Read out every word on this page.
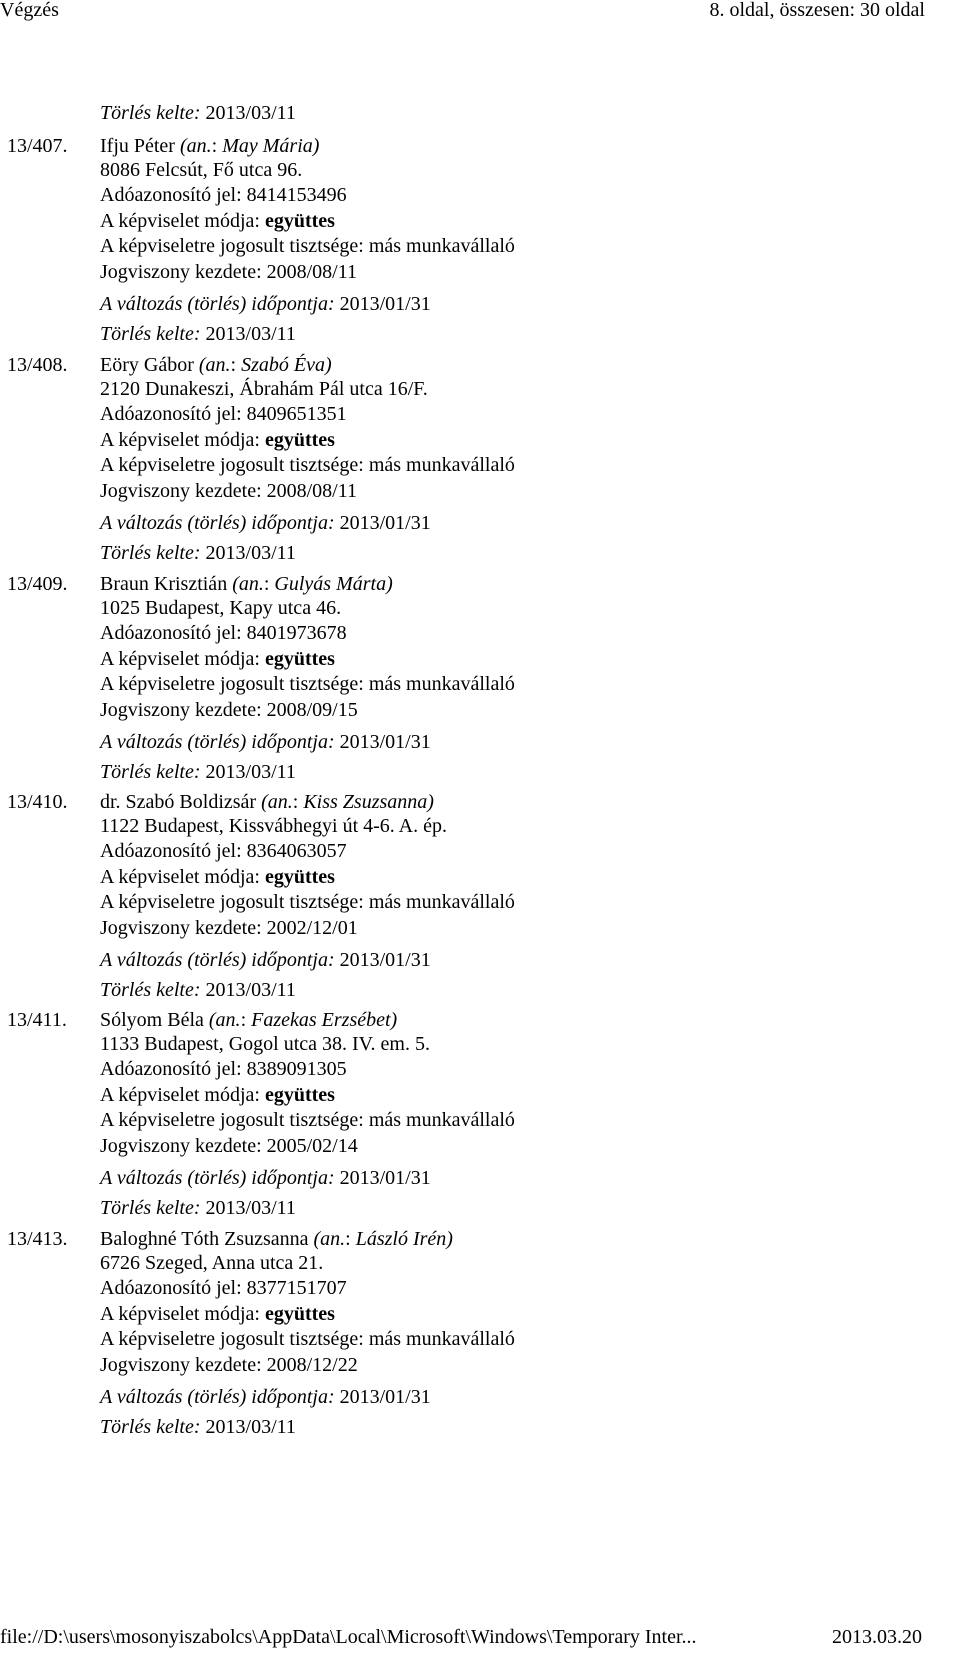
Végzés	8. oldal, összesen: 30 oldal
Törlés kelte: 2013/03/11
13/407. Ifju Péter (an.: May Mária)
8086 Felcsút, Fő utca 96.
Adóazonosító jel: 8414153496
A képviselet módja: együttes
A képviseletre jogosult tisztsége: más munkavállaló
Jogviszony kezdete: 2008/08/11
A változás (törlés) időpontja: 2013/01/31
Törlés kelte: 2013/03/11
13/408. Eöry Gábor (an.: Szabó Éva)
2120 Dunakeszi, Ábrahám Pál utca 16/F.
Adóazonosító jel: 8409651351
A képviselet módja: együttes
A képviseletre jogosult tisztsége: más munkavállaló
Jogviszony kezdete: 2008/08/11
A változás (törlés) időpontja: 2013/01/31
Törlés kelte: 2013/03/11
13/409. Braun Krisztián (an.: Gulyás Márta)
1025 Budapest, Kapy utca 46.
Adóazonosító jel: 8401973678
A képviselet módja: együttes
A képviseletre jogosult tisztsége: más munkavállaló
Jogviszony kezdete: 2008/09/15
A változás (törlés) időpontja: 2013/01/31
Törlés kelte: 2013/03/11
13/410. dr. Szabó Boldizsár (an.: Kiss Zsuzsanna)
1122 Budapest, Kissvábhegyi út 4-6. A. ép.
Adóazonosító jel: 8364063057
A képviselet módja: együttes
A képviseletre jogosult tisztsége: más munkavállaló
Jogviszony kezdete: 2002/12/01
A változás (törlés) időpontja: 2013/01/31
Törlés kelte: 2013/03/11
13/411. Sólyom Béla (an.: Fazekas Erzsébet)
1133 Budapest, Gogol utca 38. IV. em. 5.
Adóazonosító jel: 8389091305
A képviselet módja: együttes
A képviseletre jogosult tisztsége: más munkavállaló
Jogviszony kezdete: 2005/02/14
A változás (törlés) időpontja: 2013/01/31
Törlés kelte: 2013/03/11
13/413. Baloghné Tóth Zsuzsanna (an.: László Irén)
6726 Szeged, Anna utca 21.
Adóazonosító jel: 8377151707
A képviselet módja: együttes
A képviseletre jogosult tisztsége: más munkavállaló
Jogviszony kezdete: 2008/12/22
A változás (törlés) időpontja: 2013/01/31
Törlés kelte: 2013/03/11
file://D:\users\mosonyiszabolcs\AppData\Local\Microsoft\Windows\Temporary Inter...	2013.03.20
